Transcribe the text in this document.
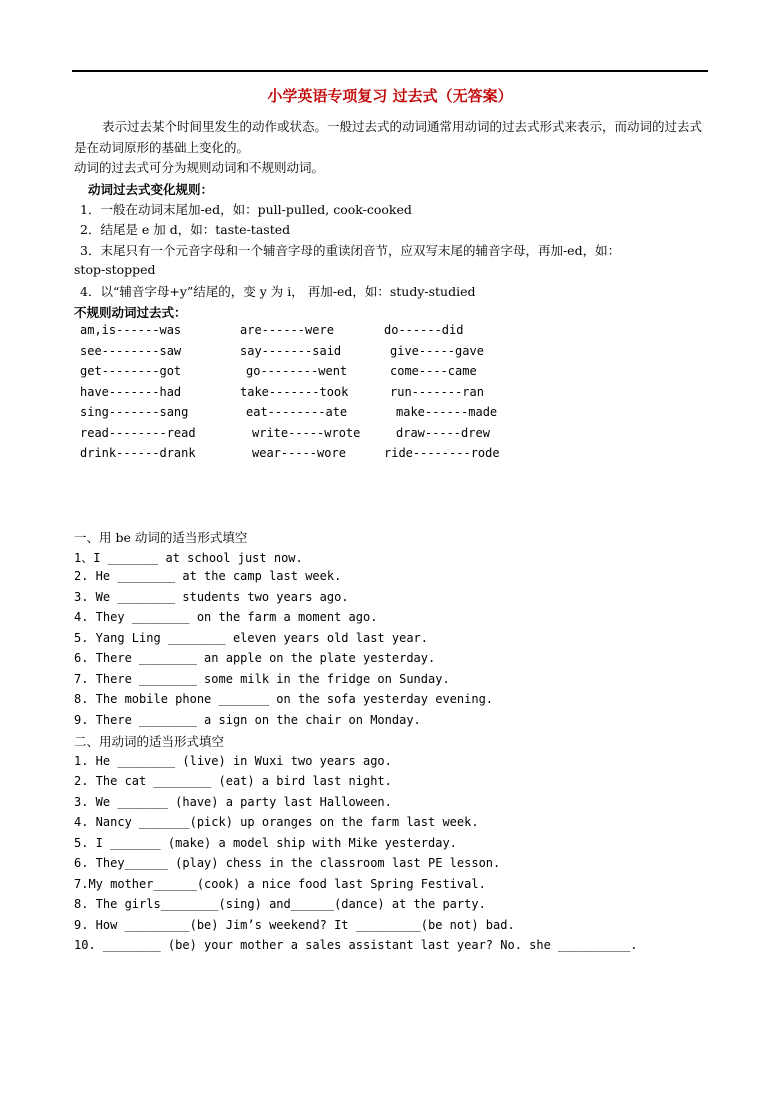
小学英语专项复习 过去式（无答案）
表示过去某个时间里发生的动作或状态。一般过去式的动词通常用动词的过去式形式来表示，而动词的过去式是在动词原形的基础上变化的。
动词的过去式可分为规则动词和不规则动词。
动词过去式变化规则：
1．一般在动词末尾加-ed，如：pull-pulled, cook-cooked
2．结尾是 e 加 d，如：taste-tasted
3．末尾只有一个元音字母和一个辅音字母的重读闭音节，应双写末尾的辅音字母，再加-ed，如：
stop-stopped
4．以“辅音字母+y”结尾的，变 y 为 i， 再加-ed，如：study-studied
不规则动词过去式：
am,is------was	are------were	do------did
see--------saw	say-------said	give-----gave
get--------got	go--------went	come----came
have-------had	take-------took	run-------ran
sing-------sang	eat--------ate	make------made
read--------read	write-----wrote	draw-----drew
drink------drank	wear-----wore	ride--------rode
一、用 be 动词的适当形式填空
1、I _______ at school just now.
2. He ________ at the camp last week.
3. We ________ students two years ago.
4. They ________ on the farm a moment ago.
5. Yang Ling ________ eleven years old last year.
6. There ________ an apple on the plate yesterday.
7. There ________ some milk in the fridge on Sunday.
8. The mobile phone _______ on the sofa yesterday evening.
9. There ________ a sign on the chair on Monday.
二、用动词的适当形式填空
1. He ________ (live) in Wuxi two years ago.
2. The cat ________ (eat) a bird last night.
3. We _______ (have) a party last Halloween.
4. Nancy _______(pick) up oranges on the farm last week.
5. I _______ (make) a model ship with Mike yesterday.
6. They______ (play) chess in the classroom last PE lesson.
7.My mother______(cook) a nice food last Spring Festival.
8. The girls________(sing) and______(dance) at the party.
9. How _________(be) Jim’s weekend? It _________(be not) bad.
10. ________ (be) your mother a sales assistant last year? No. she __________.
